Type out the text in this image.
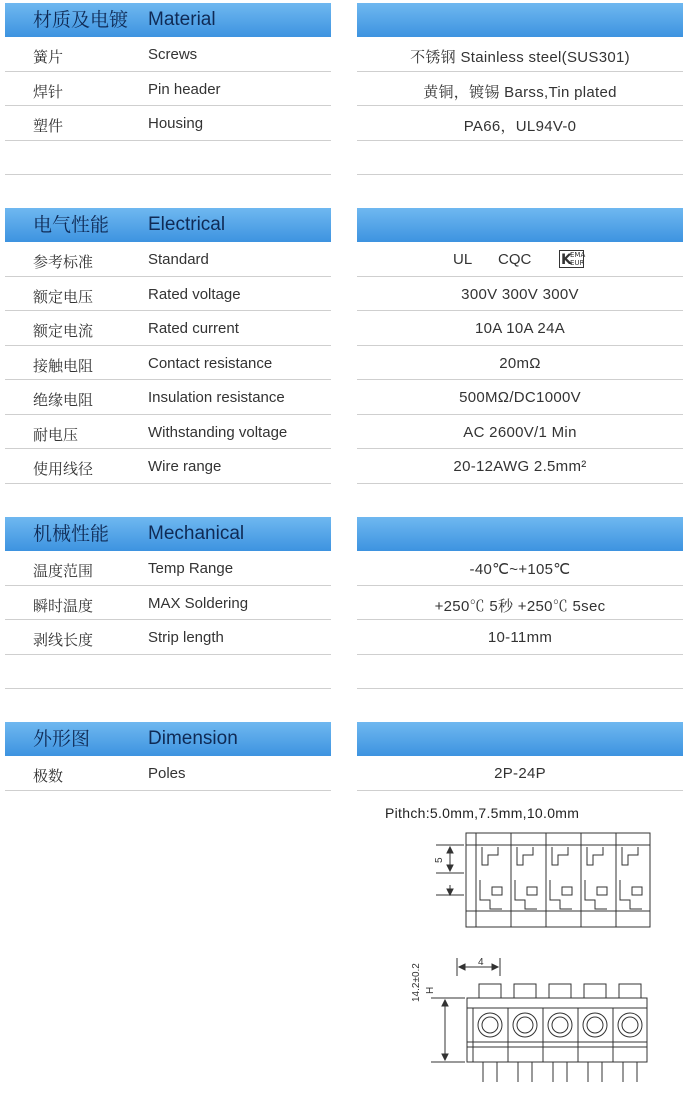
材质及电镀 Material
簧片	Screws	不锈钢 Stainless steel(SUS301)
焊针	Pin header	黄铜，镀锡 Barss,Tin plated
塑件	Housing	PA66，UL94V-0
电气性能 Electrical
参考标准	Standard	UL CQC K
EMA
EUR
额定电压	Rated voltage	300V 300V 300V
额定电流	Rated current	10A 10A 24A
接触电阻	Contact resistance	20mΩ
绝缘电阻	Insulation resistance	500MΩ/DC1000V
耐电压	Withstanding voltage	AC 2600V/1 Min
使用线径	Wire range	20-12AWG 2.5mm²
机械性能 Mechanical
温度范围	Temp Range	-40℃~+105℃
瞬时温度	MAX Soldering	+250℃ 5秒 +250℃ 5sec
剥线长度	Strip length	10-11mm
外形图	Dimension
极数	Poles	2P-24P
Pithch:5.0mm,7.5mm,10.0mm
5
4
14.2±0.2 H
